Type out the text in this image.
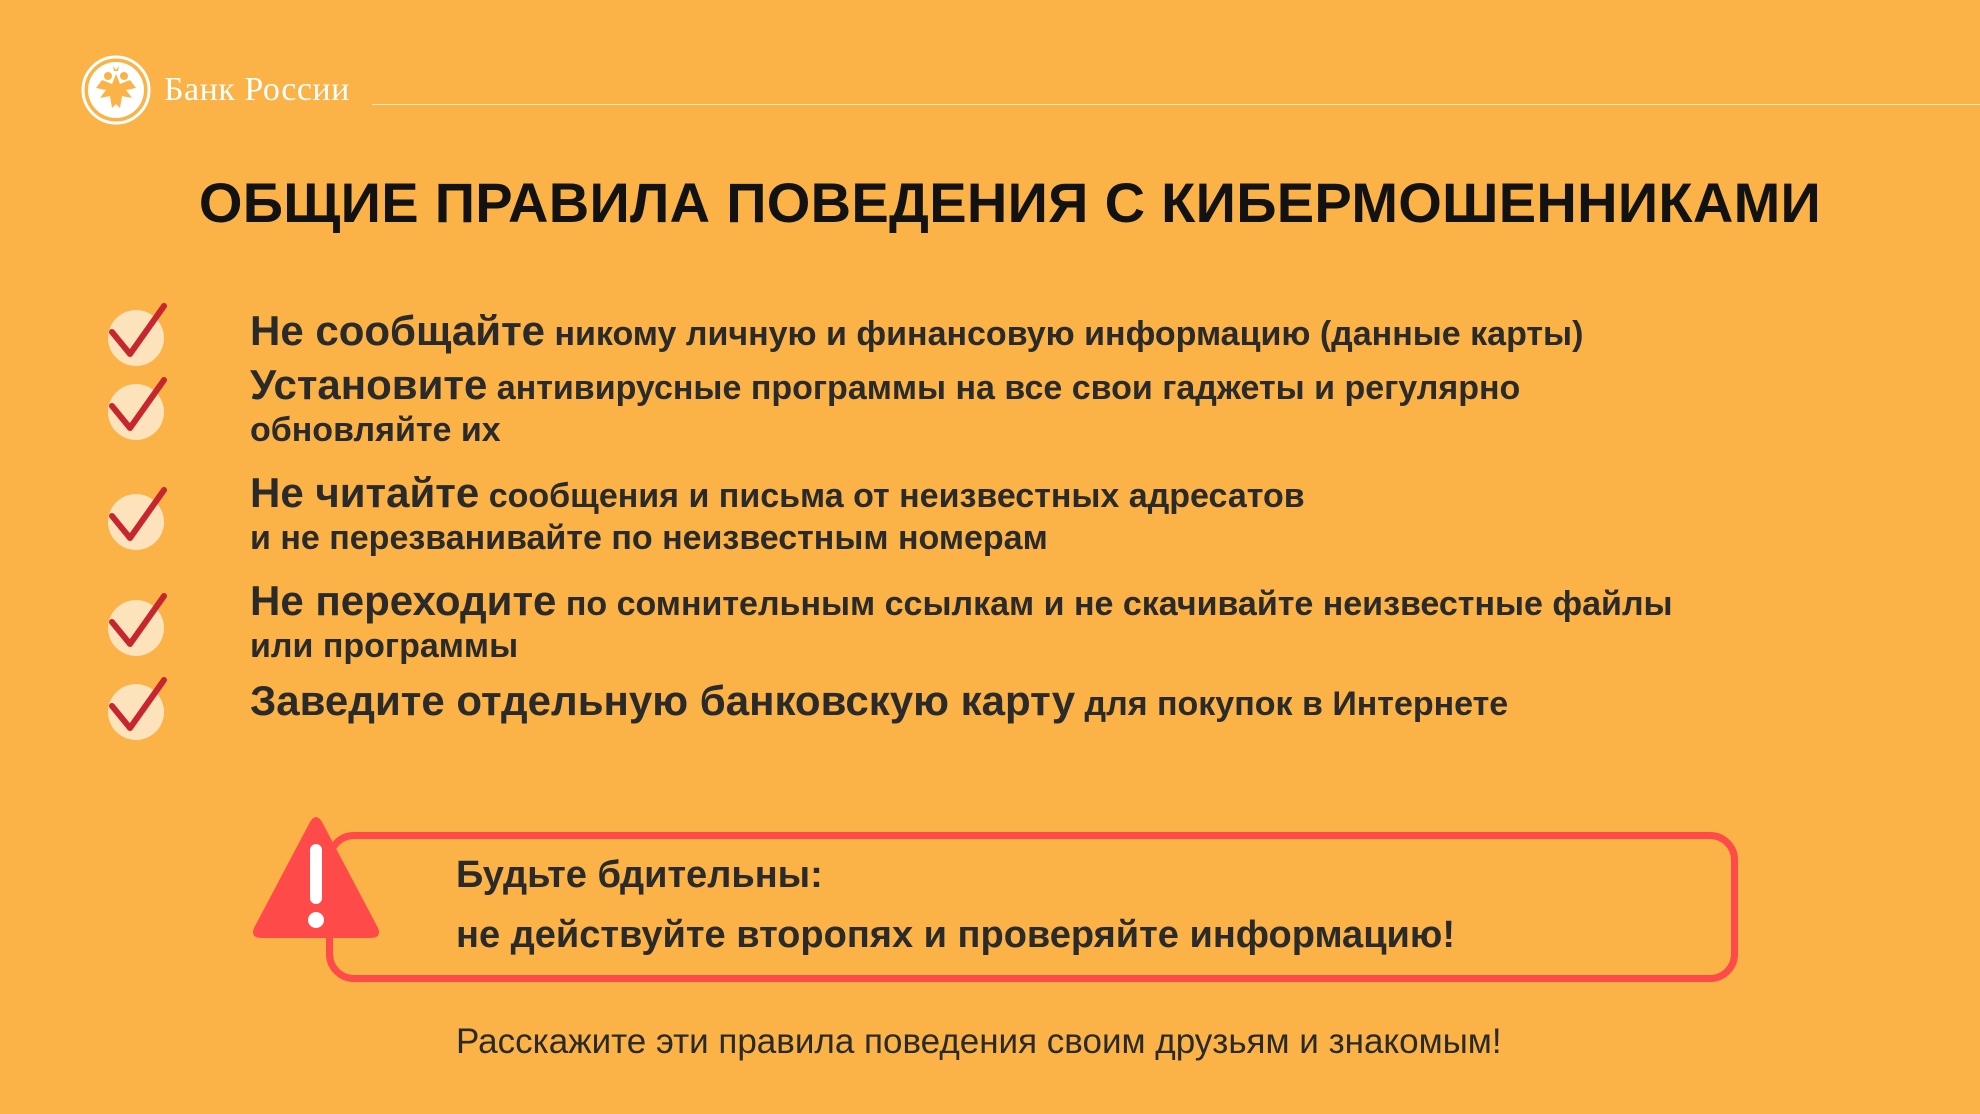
Банк России
ОБЩИЕ ПРАВИЛА ПОВЕДЕНИЯ С КИБЕРМОШЕННИКАМИ
Не сообщайте никому личную и финансовую информацию (данные карты)
Установите антивирусные программы на все свои гаджеты и регулярно
обновляйте их
Не читайте сообщения и письма от неизвестных адресатов
и не перезванивайте по неизвестным номерам
Не переходите по сомнительным ссылкам и не скачивайте неизвестные файлы
или программы
Заведите отдельную банковскую карту для покупок в Интернете
Будьте бдительны:
не действуйте второпях и проверяйте информацию!
Расскажите эти правила поведения своим друзьям и знакомым!
